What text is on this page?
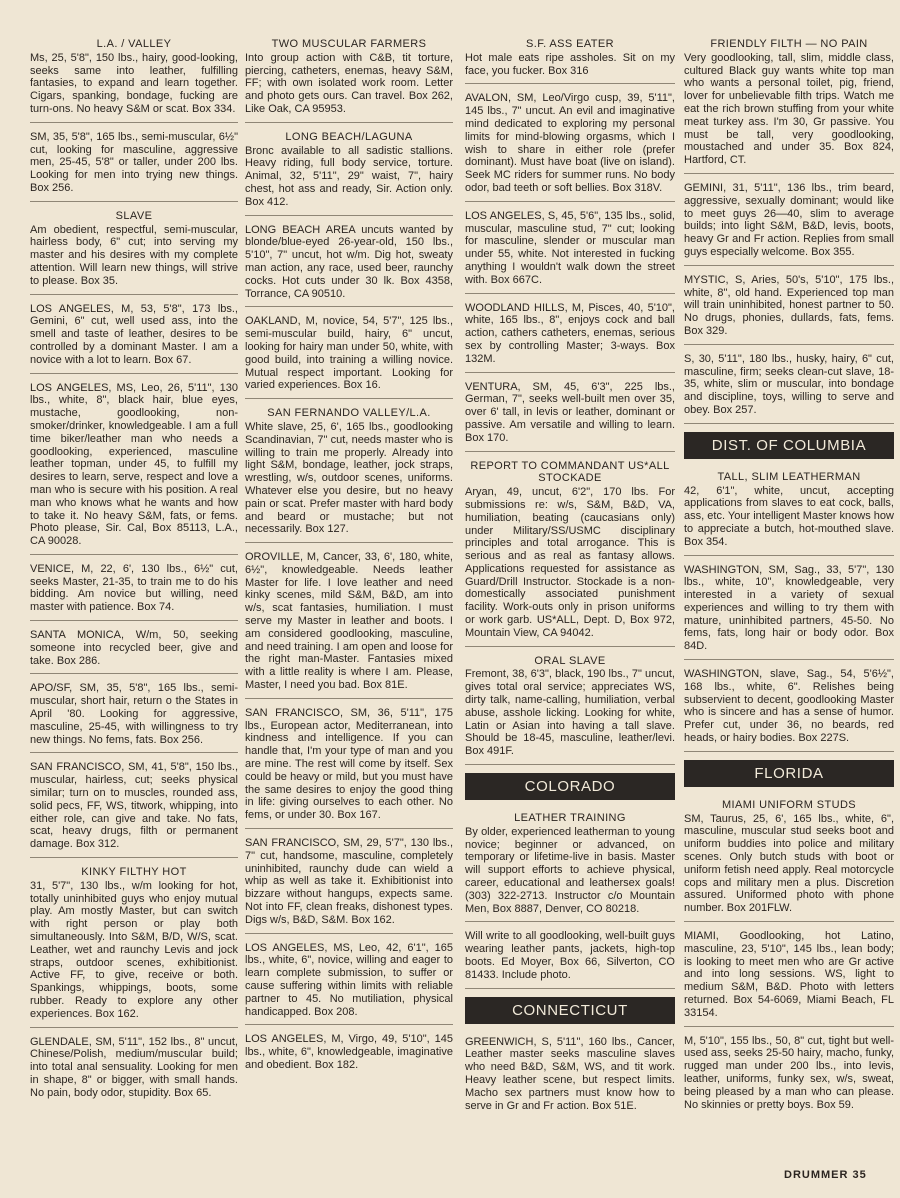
L.A. / VALLEY
Ms, 25, 5'8", 150 lbs., hairy, good-looking, seeks same into leather, fulfilling fantasies, to expand and learn together. Cigars, spanking, bondage, fucking are turn-ons. No heavy S&M or scat. Box 334.
SM, 35, 5'8", 165 lbs., semi-muscular, 6½" cut, looking for masculine, aggressive men, 25-45, 5'8" or taller, under 200 lbs. Looking for men into trying new things. Box 256.
SLAVE
Am obedient, respectful, semi-muscular, hairless body, 6" cut; into serving my master and his desires with my complete attention. Will learn new things, will strive to please. Box 35.
LOS ANGELES, M, 53, 5'8", 173 lbs., Gemini, 6" cut, well used ass, into the smell and taste of leather, desires to be controlled by a dominant Master. I am a novice with a lot to learn. Box 67.
LOS ANGELES, MS, Leo, 26, 5'11", 130 lbs., white, 8", black hair, blue eyes, mustache, goodlooking, non-smoker/drinker, knowledgeable. I am a full time biker/leather man who needs a goodlooking, experienced, masculine leather topman, under 45, to fulfill my desires to learn, serve, respect and love a man who is secure with his position. A real man who knows what he wants and how to take it. No heavy S&M, fats, or fems. Photo please, Sir. Cal, Box 85113, L.A., CA 90028.
VENICE, M, 22, 6', 130 lbs., 6½" cut, seeks Master, 21-35, to train me to do his bidding. Am novice but willing, need master with patience. Box 74.
SANTA MONICA, W/m, 50, seeking someone into recycled beer, give and take. Box 286.
APO/SF, SM, 35, 5'8", 165 lbs., semi-muscular, short hair, return o the States in April '80. Looking for aggressive, masculine, 25-45, with willingness to try new things. No fems, fats. Box 256.
SAN FRANCISCO, SM, 41, 5'8", 150 lbs., muscular, hairless, cut; seeks physical similar; turn on to muscles, rounded ass, solid pecs, FF, WS, titwork, whipping, into either role, can give and take. No fats, scat, heavy drugs, filth or permanent damage. Box 312.
KINKY FILTHY HOT
31, 5'7", 130 lbs., w/m looking for hot, totally uninhibited guys who enjoy mutual play. Am mostly Master, but can switch with right person or play both simultaneously. Into S&M, B/D, W/S, scat. Leather, wet and raunchy Levis and jock straps, outdoor scenes, exhibitionist. Active FF, to give, receive or both. Spankings, whippings, boots, some rubber. Ready to explore any other experiences. Box 162.
GLENDALE, SM, 5'11", 152 lbs., 8" uncut, Chinese/Polish, medium/muscular build; into total anal sensuality. Looking for men in shape, 8" or bigger, with small hands. No pain, body odor, stupidity. Box 65.
TWO MUSCULAR FARMERS
Into group action with C&B, tit torture, piercing, catheters, enemas, heavy S&M, FF; with own isolated work room. Letter and photo gets ours. Can travel. Box 262, Like Oak, CA 95953.
LONG BEACH/LAGUNA
Bronc available to all sadistic stallions. Heavy riding, full body service, torture. Animal, 32, 5'11", 29" waist, 7", hairy chest, hot ass and ready, Sir. Action only. Box 412.
LONG BEACH AREA uncuts wanted by blonde/blue-eyed 26-year-old, 150 lbs., 5'10", 7" uncut, hot w/m. Dig hot, sweaty man action, any race, used beer, raunchy cocks. Hot cuts under 30 lk. Box 4358, Torrance, CA 90510.
OAKLAND, M, novice, 54, 5'7", 125 lbs., semi-muscular build, hairy, 6" uncut, looking for hairy man under 50, white, with good build, into training a willing novice. Mutual respect important. Looking for varied experiences. Box 16.
SAN FERNANDO VALLEY/L.A.
White slave, 25, 6', 165 lbs., goodlooking Scandinavian, 7" cut, needs master who is willing to train me properly. Already into light S&M, bondage, leather, jock straps, wrestling, w/s, outdoor scenes, uniforms. Whatever else you desire, but no heavy pain or scat. Prefer master with hard body and beard or mustache; but not necessarily. Box 127.
OROVILLE, M, Cancer, 33, 6', 180, white, 6½", knowledgeable. Needs leather Master for life. I love leather and need kinky scenes, mild S&M, B&D, am into w/s, scat fantasies, humiliation. I must serve my Master in leather and boots. I am considered goodlooking, masculine, and need training. I am open and loose for the right man-Master. Fantasies mixed with a little reality is where I am. Please, Master, I need you bad. Box 81E.
SAN FRANCISCO, SM, 36, 5'11", 175 lbs., European actor, Mediterranean, into kindness and intelligence. If you can handle that, I'm your type of man and you are mine. The rest will come by itself. Sex could be heavy or mild, but you must have the same desires to enjoy the good thing in life: giving ourselves to each other. No fems, or under 30. Box 167.
SAN FRANCISCO, SM, 29, 5'7", 130 lbs., 7" cut, handsome, masculine, completely uninhibited, raunchy dude can wield a whip as well as take it. Exhibitionist into bizzare without hangups, expects same. Not into FF, clean freaks, dishonest types. Digs w/s, B&D, S&M. Box 162.
LOS ANGELES, MS, Leo, 42, 6'1", 165 lbs., white, 6", novice, willing and eager to learn complete submission, to suffer or cause suffering within limits with reliable partner to 45. No mutiliation, physical handicapped. Box 208.
LOS ANGELES, M, Virgo, 49, 5'10", 145 lbs., white, 6", knowledgeable, imaginative and obedient. Box 182.
S.F. ASS EATER
Hot male eats ripe assholes. Sit on my face, you fucker. Box 316
AVALON, SM, Leo/Virgo cusp, 39, 5'11", 145 lbs., 7" uncut. An evil and imaginative mind dedicated to exploring my personal limits for mind-blowing orgasms, which I wish to share in either role (prefer dominant). Must have boat (live on island). Seek MC riders for summer runs. No body odor, bad teeth or soft bellies. Box 318V.
LOS ANGELES, S, 45, 5'6", 135 lbs., solid, muscular, masculine stud, 7" cut; looking for masculine, slender or muscular man under 55, white. Not interested in fucking anything I wouldn't walk down the street with. Box 667C.
WOODLAND HILLS, M, Pisces, 40, 5'10", white, 165 lbs., 8", enjoys cock and ball action, cathers catheters, enemas, serious sex by controlling Master; 3-ways. Box 132M.
VENTURA, SM, 45, 6'3", 225 lbs., German, 7", seeks well-built men over 35, over 6' tall, in levis or leather, dominant or passive. Am versatile and willing to learn. Box 170.
REPORT TO COMMANDANT US*ALL STOCKADE
Aryan, 49, uncut, 6'2", 170 lbs. For submissions re: w/s, S&M, B&D, VA, humiliation, beating (caucasians only) under Military/SS/USMC disciplinary principles and total arrogance. This is serious and as real as fantasy allows. Applications requested for assistance as Guard/Drill Instructor. Stockade is a non-domestically associated punishment facility. Work-outs only in prison uniforms or work garb. US*ALL, Dept. D, Box 972, Mountain View, CA 94042.
ORAL SLAVE
Fremont, 38, 6'3", black, 190 lbs., 7" uncut, gives total oral service; appreciates WS, dirty talk, name-calling, humiliation, verbal abuse, asshole licking. Looking for white, Latin or Asian into having a tall slave. Should be 18-45, masculine, leather/levi. Box 491F.
COLORADO
LEATHER TRAINING
By older, experienced leatherman to young novice; beginner or advanced, on temporary or lifetime-live in basis. Master will support efforts to achieve physical, career, educational and leathersex goals! (303) 322-2713. Instructor c/o Mountain Men, Box 8887, Denver, CO 80218.
Will write to all goodlooking, well-built guys wearing leather pants, jackets, high-top boots. Ed Moyer, Box 66, Silverton, CO 81433. Include photo.
CONNECTICUT
GREENWICH, S, 5'11", 160 lbs., Cancer, Leather master seeks masculine slaves who need B&D, S&M, WS, and tit work. Heavy leather scene, but respect limits. Macho sex partners must know how to serve in Gr and Fr action. Box 51E.
FRIENDLY FILTH — NO PAIN
Very goodlooking, tall, slim, middle class, cultured Black guy wants white top man who wants a personal toilet, pig, friend, lover for unbelievable filth trips. Watch me eat the rich brown stuffing from your white meat turkey ass. I'm 30, Gr passive. You must be tall, very goodlooking, moustached and under 35. Box 824, Hartford, CT.
GEMINI, 31, 5'11", 136 lbs., trim beard, aggressive, sexually dominant; would like to meet guys 26—40, slim to average builds; into light S&M, B&D, levis, boots, heavy Gr and Fr action. Replies from small guys especially welcome. Box 355.
MYSTIC, S, Aries, 50's, 5'10", 175 lbs., white, 8", old hand. Experienced top man will train uninhibited, honest partner to 50. No drugs, phonies, dullards, fats, fems. Box 329.
S, 30, 5'11", 180 lbs., husky, hairy, 6" cut, masculine, firm; seeks clean-cut slave, 18-35, white, slim or muscular, into bondage and discipline, toys, willing to serve and obey. Box 257.
DIST. OF COLUMBIA
TALL, SLIM LEATHERMAN
42, 6'1", white, uncut, accepting applications from slaves to eat cock, balls, ass, etc. Your intelligent Master knows how to appreciate a butch, hot-mouthed slave. Box 354.
WASHINGTON, SM, Sag., 33, 5'7", 130 lbs., white, 10", knowledgeable, very interested in a variety of sexual experiences and willing to try them with mature, uninhibited partners, 45-50. No fems, fats, long hair or body odor. Box 84D.
WASHINGTON, slave, Sag., 54, 5'6½", 168 lbs., white, 6". Relishes being subservient to decent, goodlooking Master who is sincere and has a sense of humor. Prefer cut, under 36, no beards, red heads, or hairy bodies. Box 227S.
FLORIDA
MIAMI UNIFORM STUDS
SM, Taurus, 25, 6', 165 lbs., white, 6", masculine, muscular stud seeks boot and uniform buddies into police and military scenes. Only butch studs with boot or uniform fetish need apply. Real motorcycle cops and military men a plus. Discretion assured. Uniformed photo with phone number. Box 201FLW.
MIAMI, Goodlooking, hot Latino, masculine, 23, 5'10", 145 lbs., lean body; is looking to meet men who are Gr active and into long sessions. WS, light to medium S&M, B&D. Photo with letters returned. Box 54-6069, Miami Beach, FL 33154.
M, 5'10", 155 lbs., 50, 8" cut, tight but well-used ass, seeks 25-50 hairy, macho, funky, rugged man under 200 lbs., into levis, leather, uniforms, funky sex, w/s, sweat, being pleased by a man who can please. No skinnies or pretty boys. Box 59.
DRUMMER 35
